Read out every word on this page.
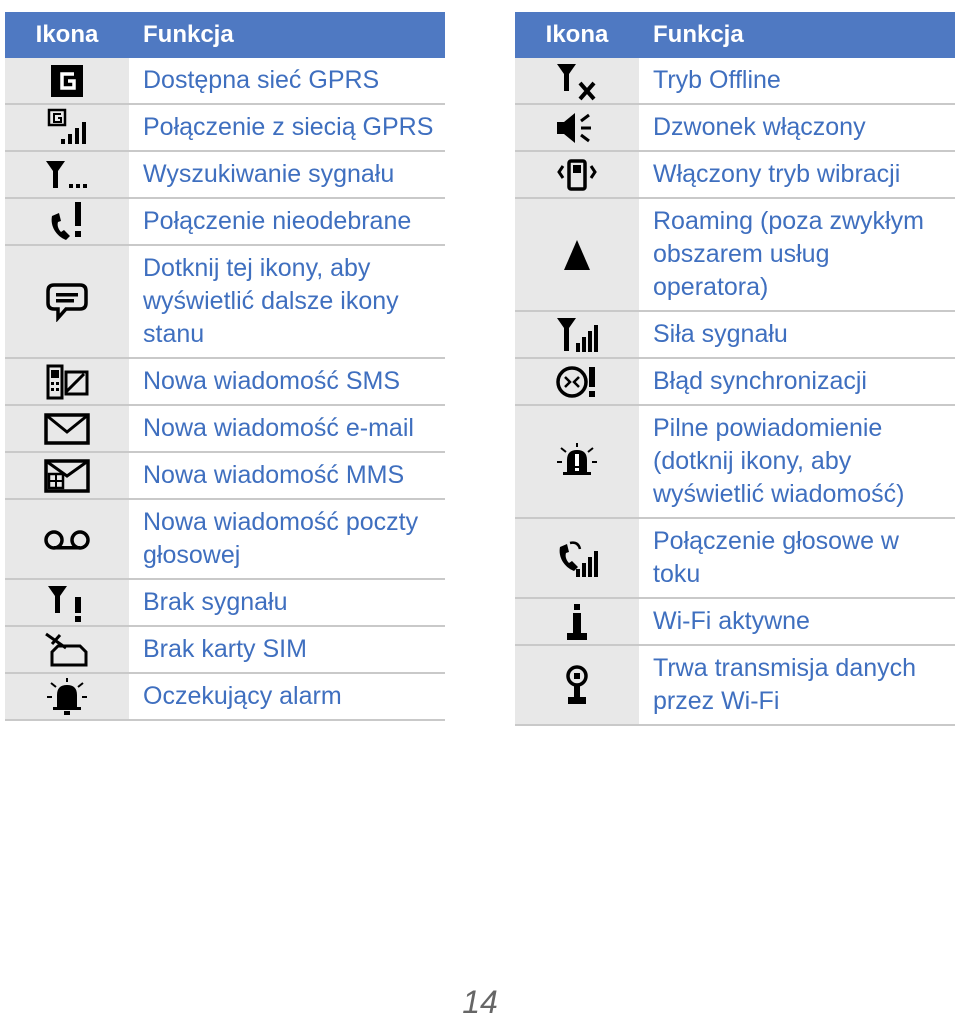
Ikona	Funkcja
	Dostępna sieć GPRS
	Połączenie z siecią GPRS
	Wyszukiwanie sygnału
	Połączenie nieodebrane
	Dotknij tej ikony, aby wyświetlić dalsze ikony stanu
	Nowa wiadomość SMS
	Nowa wiadomość e-mail
	Nowa wiadomość MMS
	Nowa wiadomość poczty głosowej
	Brak sygnału
	Brak karty SIM
	Oczekujący alarm
Ikona	Funkcja
	Tryb Offline
	Dzwonek włączony
	Włączony tryb wibracji
	Roaming (poza zwykłym obszarem usług operatora)
	Siła sygnału
	Błąd synchronizacji
	Pilne powiadomienie (dotknij ikony, aby wyświetlić wiadomość)
	Połączenie głosowe w toku
	Wi-Fi aktywne
	Trwa transmisja danych przez Wi-Fi
14
